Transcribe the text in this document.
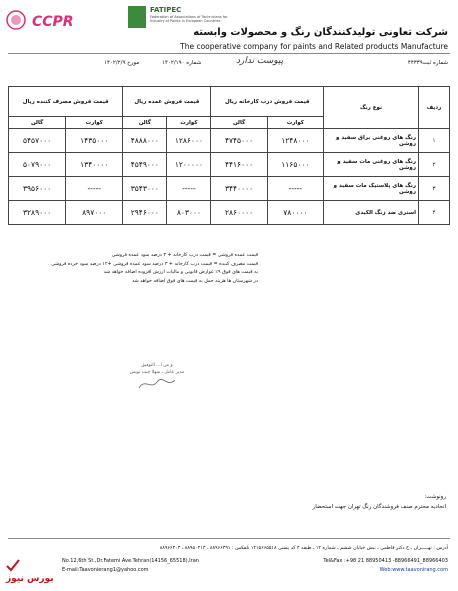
CCPR
FATIPEC
Federation of Associations of Technicians for Industry of Paints in European Countries
شرکت تعاونی تولیدکنندگان رنگ و محصولات وابسته
The cooperative company for paints and Related products Manufacture
شماره ثبت۴۴۳۳۹
پیوست ندارد
شماره ۱۴۰۲/۱۹۰
مورخ ۱۴۰۲/۲/۹
ردیف	نوع رنگ	قیمت فروش درب کارخانه ریال		قیمت فروش عمده ریال		قیمت فروش مصرف کننده ریال	
		کوارت	گالن	کوارت	گالن	کوارت	گالن
۱	رنگ های روغنی براق سفید و روشن	۱۲۴۸۰۰۰	۴۷۴۵۰۰۰	۱۲۸۶۰۰۰	۴۸۸۸۰۰۰	۱۴۳۵۰۰۰	۵۴۵۷۰۰۰
۲	رنگ های روغنی مات سفید و روشن	۱۱۶۵۰۰۰	۴۴۱۶۰۰۰	۱۲۰۰۰۰۰	۴۵۴۹۰۰۰	۱۳۴۰۰۰۰	۵۰۷۹۰۰۰
۳	رنگ های پلاستیک مات سفید و روشن	-----	۳۴۴۰۰۰۰	-----	۳۵۴۳۰۰۰	-----	۳۹۵۶۰۰۰
۴	استری ضد زنگ الکیدی	۷۸۰۰۰۰	۲۸۶۰۰۰۰	۸۰۳۰۰۰	۲۹۴۶۰۰۰	۸۹۷۰۰۰	۳۲۸۹۰۰۰
قیمت عمده فروشی = قیمت درب کارخانه + ۳ درصد سود عمده فروشی
قیمت مصرف کننده = قیمت درب کارخانه + ۳ درصد سود عمده فروشی +۱۲ درصد سود خرده فروشی
به قیمت های فوق ۹٪ عوارض قانونی و مالیات ارزش افزوده اضافه خواهد شد
در شهرستان ها هزینه حمل به قیمت های فوق اضافه خواهد شد
و من ا... التوفیق
مدیر عامل ـ شهلا چیت نویس
رونوشت:
اتحادیه محترم صنف فروشندگان رنگ تهران جهت استحضار
آدرس : تهـــــران ـ خ دکتر فاطمی ـ نبش خیابان ششم ـ شماره ۱۲ ـ طبقه ۴ کد پستی ۱۴۱۵۶۶۵۵۱۸ تلفکس : ۸۸۹۶۶۴۹۱ ـ ۸۸۹۵۰۴۱۳ ـ ۸۸۹۶۶۴۰۳
Tel&Fax :+98 21 88950413 -88966491_88966403
No.12,6th St.,Dr.Fatemi Ave.Tehran(14156_65518),Iran
Web:www.taavonirang.com
E-mail:Taavonierang1@yahoo.com
بورس نیوز
